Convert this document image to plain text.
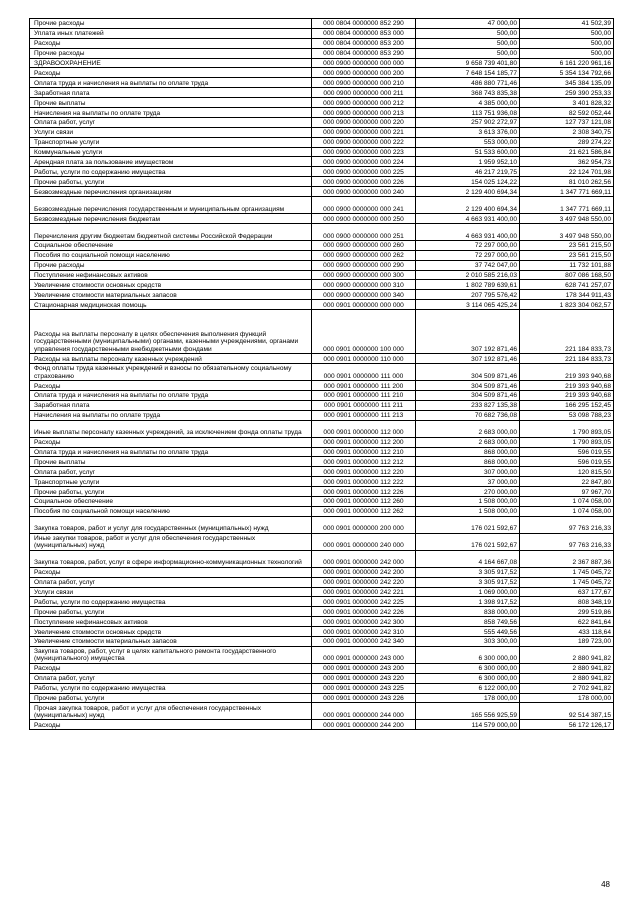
Прочие расходы	000 0804 0000000 852 290	47 000,00	41 502,39
Уплата иных платежей	000 0804 0000000 853 000	500,00	500,00
Расходы	000 0804 0000000 853 200	500,00	500,00
Прочие расходы	000 0804 0000000 853 290	500,00	500,00
ЗДРАВООХРАНЕНИЕ	000 0900 0000000 000 000	9 658 739 401,80	6 161 220 961,16
Расходы	000 0900 0000000 000 200	7 648 154 185,77	5 354 134 792,66
Оплата труда и начисления на выплаты по оплате труда	000 0900 0000000 000 210	486 880 771,46	345 384 135,09
Заработная плата	000 0900 0000000 000 211	368 743 835,38	259 390 253,33
Прочие выплаты	000 0900 0000000 000 212	4 385 000,00	3 401 828,32
Начисления на выплаты по оплате труда	000 0900 0000000 000 213	113 751 936,08	82 592 052,44
Оплата работ, услуг	000 0900 0000000 000 220	257 902 272,97	127 737 121,08
Услуги связи	000 0900 0000000 000 221	3 613 376,00	2 308 340,75
Транспортные услуги	000 0900 0000000 000 222	553 000,00	289 274,22
Коммунальные услуги	000 0900 0000000 000 223	51 533 600,00	21 621 586,84
Арендная плата за пользование имуществом	000 0900 0000000 000 224	1 959 952,10	362 954,73
Работы, услуги по содержанию имущества	000 0900 0000000 000 225	46 217 219,75	22 124 701,98
Прочие работы, услуги	000 0900 0000000 000 226	154 025 124,22	81 010 262,56
Безвозмездные перечисления организациям	000 0900 0000000 000 240	2 129 400 694,34	1 347 771 669,11
Безвозмездные перечисления государственным и муниципальным организациям	000 0900 0000000 000 241	2 129 400 694,34	1 347 771 669,11
Безвозмездные перечисления бюджетам	000 0900 0000000 000 250	4 663 931 400,00	3 497 948 550,00
Перечисления другим бюджетам бюджетной системы Российской Федерации	000 0900 0000000 000 251	4 663 931 400,00	3 497 948 550,00
Социальное обеспечение	000 0900 0000000 000 260	72 297 000,00	23 561 215,50
Пособия по социальной помощи населению	000 0900 0000000 000 262	72 297 000,00	23 561 215,50
Прочие расходы	000 0900 0000000 000 290	37 742 047,00	11 732 101,88
Поступление нефинансовых активов	000 0900 0000000 000 300	2 010 585 216,03	807 086 168,50
Увеличение стоимости основных средств	000 0900 0000000 000 310	1 802 789 639,61	628 741 257,07
Увеличение стоимости материальных запасов	000 0900 0000000 000 340	207 795 576,42	178 344 911,43
Стационарная медицинская помощь	000 0901 0000000 000 000	3 114 065 425,24	1 823 304 062,57
Расходы на выплаты персоналу в целях обеспечения выполнения функций государственными (муниципальными) органами, казенными учреждениями, органами управления государственными внебюджетными фондами	000 0901 0000000 100 000	307 192 871,46	221 184 833,73
Расходы на выплаты персоналу казенных учреждений	000 0901 0000000 110 000	307 192 871,46	221 184 833,73
Фонд оплаты труда казенных учреждений и взносы по обязательному социальному страхованию	000 0901 0000000 111 000	304 509 871,46	219 393 940,68
Расходы	000 0901 0000000 111 200	304 509 871,46	219 393 940,68
Оплата труда и начисления на выплаты по оплате труда	000 0901 0000000 111 210	304 509 871,46	219 393 940,68
Заработная плата	000 0901 0000000 111 211	233 827 135,38	166 295 152,45
Начисления на выплаты по оплате труда	000 0901 0000000 111 213	70 682 736,08	53 098 788,23
Иные выплаты персоналу казенных учреждений, за исключением фонда оплаты труда	000 0901 0000000 112 000	2 683 000,00	1 790 893,05
Расходы	000 0901 0000000 112 200	2 683 000,00	1 790 893,05
Оплата труда и начисления на выплаты по оплате труда	000 0901 0000000 112 210	868 000,00	596 019,55
Прочие выплаты	000 0901 0000000 112 212	868 000,00	596 019,55
Оплата работ, услуг	000 0901 0000000 112 220	307 000,00	120 815,50
Транспортные услуги	000 0901 0000000 112 222	37 000,00	22 847,80
Прочие работы, услуги	000 0901 0000000 112 226	270 000,00	97 967,70
Социальное обеспечение	000 0901 0000000 112 260	1 508 000,00	1 074 058,00
Пособия по социальной помощи населению	000 0901 0000000 112 262	1 508 000,00	1 074 058,00
Закупка товаров, работ и услуг для государственных (муниципальных) нужд	000 0901 0000000 200 000	176 021 592,67	97 763 216,33
Иные закупки товаров, работ и услуг для обеспечения государственных (муниципальных) нужд	000 0901 0000000 240 000	176 021 592,67	97 763 216,33
Закупка товаров, работ, услуг в сфере информационно-коммуникационных технологий	000 0901 0000000 242 000	4 164 667,08	2 367 887,36
Расходы	000 0901 0000000 242 200	3 305 917,52	1 745 045,72
Оплата работ, услуг	000 0901 0000000 242 220	3 305 917,52	1 745 045,72
Услуги связи	000 0901 0000000 242 221	1 069 000,00	637 177,67
Работы, услуги по содержанию имущества	000 0901 0000000 242 225	1 398 917,52	808 348,19
Прочие работы, услуги	000 0901 0000000 242 226	838 000,00	299 519,86
Поступление нефинансовых активов	000 0901 0000000 242 300	858 749,56	622 841,64
Увеличение стоимости основных средств	000 0901 0000000 242 310	555 449,56	433 118,64
Увеличение стоимости материальных запасов	000 0901 0000000 242 340	303 300,00	189 723,00
Закупка товаров, работ, услуг в целях капитального ремонта государственного (муниципального) имущества	000 0901 0000000 243 000	6 300 000,00	2 880 941,82
Расходы	000 0901 0000000 243 200	6 300 000,00	2 880 941,82
Оплата работ, услуг	000 0901 0000000 243 220	6 300 000,00	2 880 941,82
Работы, услуги по содержанию имущества	000 0901 0000000 243 225	6 122 000,00	2 702 941,82
Прочие работы, услуги	000 0901 0000000 243 226	178 000,00	178 000,00
Прочая закупка товаров, работ и услуг для обеспечения государственных (муниципальных) нужд	000 0901 0000000 244 000	165 556 925,59	92 514 387,15
Расходы	000 0901 0000000 244 200	114 579 000,00	56 172 126,17
48
